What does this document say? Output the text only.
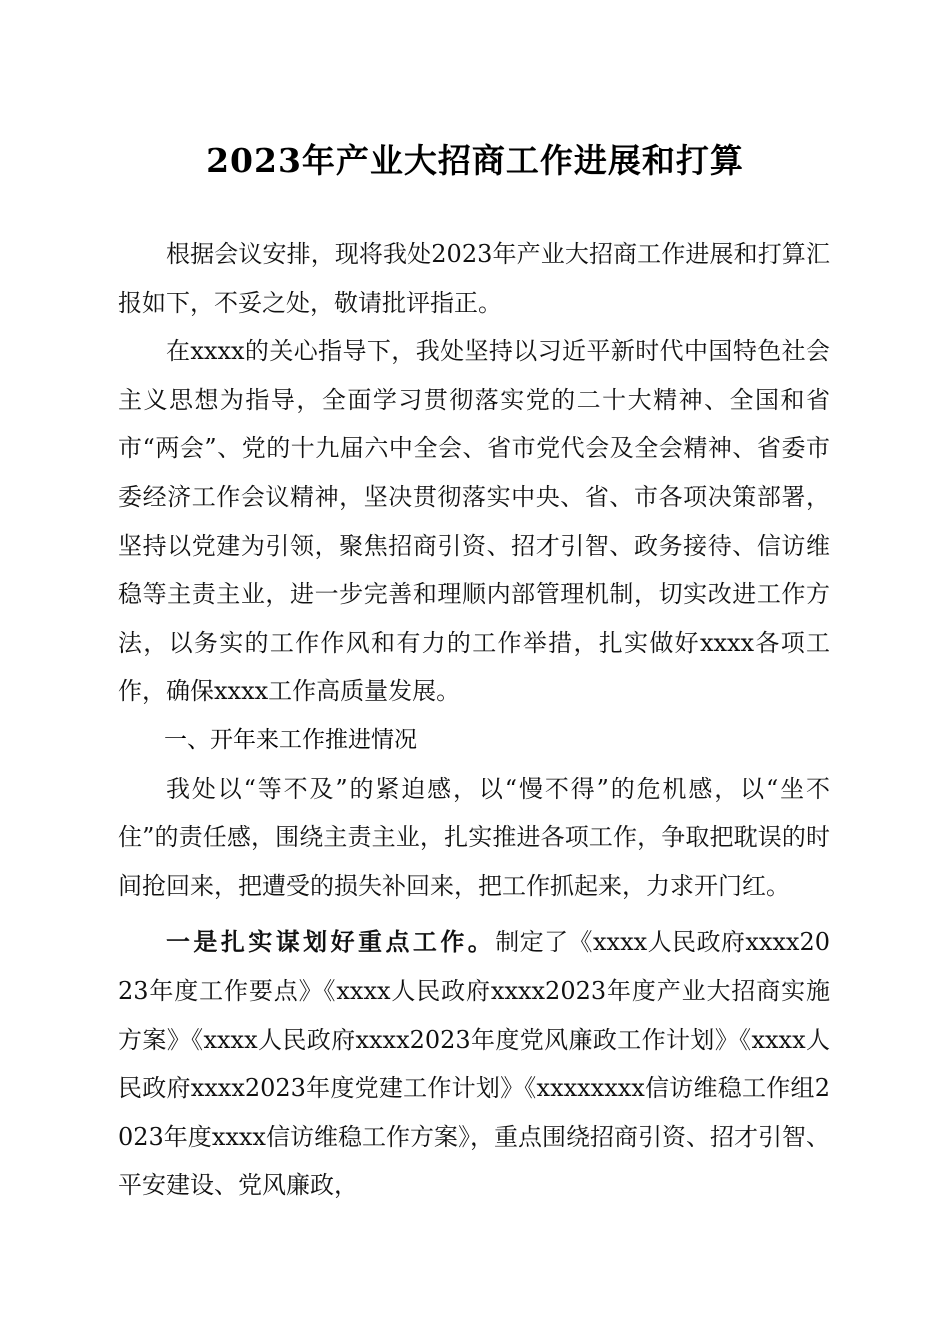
2023年产业大招商工作进展和打算

根据会议安排，现将我处2023年产业大招商工作进展和打算汇报如下，不妥之处，敬请批评指正。

在xxxx的关心指导下，我处坚持以习近平新时代中国特色社会主义思想为指导，全面学习贯彻落实党的二十大精神、全国和省市“两会”、党的十九届六中全会、省市党代会及全会精神、省委市委经济工作会议精神，坚决贯彻落实中央、省、市各项决策部署，坚持以党建为引领，聚焦招商引资、招才引智、政务接待、信访维稳等主责主业，进一步完善和理顺内部管理机制，切实改进工作方法，以务实的工作作风和有力的工作举措，扎实做好xxxx各项工作，确保xxxx工作高质量发展。

一、开年来工作推进情况

我处以“等不及”的紧迫感，以“慢不得”的危机感，以“坐不住”的责任感，围绕主责主业，扎实推进各项工作，争取把耽误的时间抢回来，把遭受的损失补回来，把工作抓起来，力求开门红。

一是扎实谋划好重点工作。制定了《xxxx人民政府xxxx2023年度工作要点》《xxxx人民政府xxxx2023年度产业大招商实施方案》《xxxx人民政府xxxx2023年度党风廉政工作计划》《xxxx人民政府xxxx2023年度党建工作计划》《xxxxxxxx信访维稳工作组2023年度xxxx信访维稳工作方案》，重点围绕招商引资、招才引智、平安建设、党风廉政，
